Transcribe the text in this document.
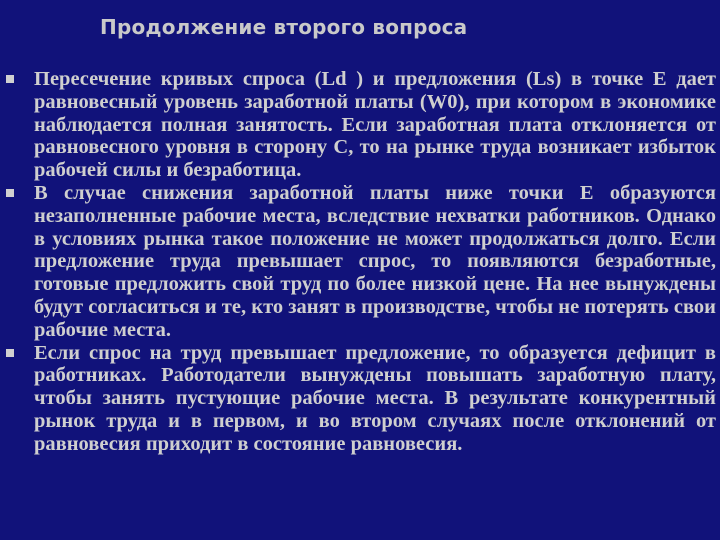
Продолжение второго вопроса
Пересечение кривых спроса (Ld ) и предложения (Ls) в точке Е дает равновесный уровень заработной платы (W0), при котором в экономике наблюдается полная занятость. Если заработная плата отклоняется от равновесного уровня в сторону С, то на рынке труда возникает избыток рабочей силы и безработица.
В случае снижения заработной платы ниже точки Е образуются незаполненные рабочие места, вследствие нехватки работников. Однако в условиях рынка такое положение не может продолжаться долго. Если предложение труда превышает спрос, то появляются безработные, готовые предложить свой труд по более низкой цене. На нее вынуждены будут согласиться и те, кто занят в производстве, чтобы не потерять свои рабочие места.
Если спрос на труд превышает предложение, то образуется дефицит в работниках. Работодатели вынуждены повышать заработную плату, чтобы занять пустующие рабочие места. В результате конкурентный рынок труда и в первом, и во втором случаях после отклонений от равновесия приходит в состояние равновесия.
